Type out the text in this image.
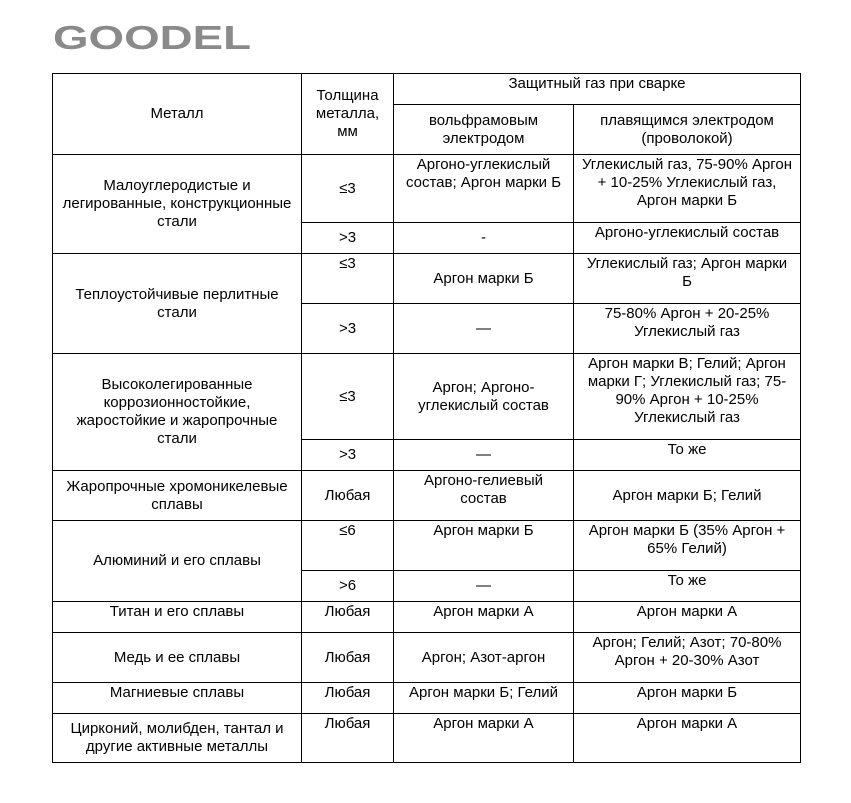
GOODEL
Металл	Толщина металла, мм	Защитный газ при сварке	
		вольфрамовым электродом	плавящимся электродом (проволокой)
Малоуглеродистые и легированные, конструкционные стали	≤3	Аргоно-углекислый состав; Аргон марки Б	Углекислый газ, 75-90% Аргон + 10-25% Углекислый газ, Аргон марки Б
	>3	-	Аргоно-углекислый состав
Теплоустойчивые перлитные стали	≤3	Аргон марки Б	Углекислый газ; Аргон марки Б
	>3	—	75-80% Аргон + 20-25% Углекислый газ
Высоколегированные коррозионностойкие, жаростойкие и жаропрочные стали	≤3	Аргон; Аргоно-углекислый состав	Аргон марки В; Гелий; Аргон марки Г; Углекислый газ; 75-90% Аргон + 10-25% Углекислый газ
	>3	—	То же
Жаропрочные хромоникелевые сплавы	Любая	Аргоно-гелиевый состав	Аргон марки Б; Гелий
Алюминий и его сплавы	≤6	Аргон марки Б	Аргон марки Б (35% Аргон + 65% Гелий)
	>6	—	То же
Титан и его сплавы	Любая	Аргон марки А	Аргон марки А
Медь и ее сплавы	Любая	Аргон; Азот-аргон	Аргон; Гелий; Азот; 70-80% Аргон + 20-30% Азот
Магниевые сплавы	Любая	Аргон марки Б; Гелий	Аргон марки Б
Цирконий, молибден, тантал и другие активные металлы	Любая	Аргон марки А	Аргон марки А
